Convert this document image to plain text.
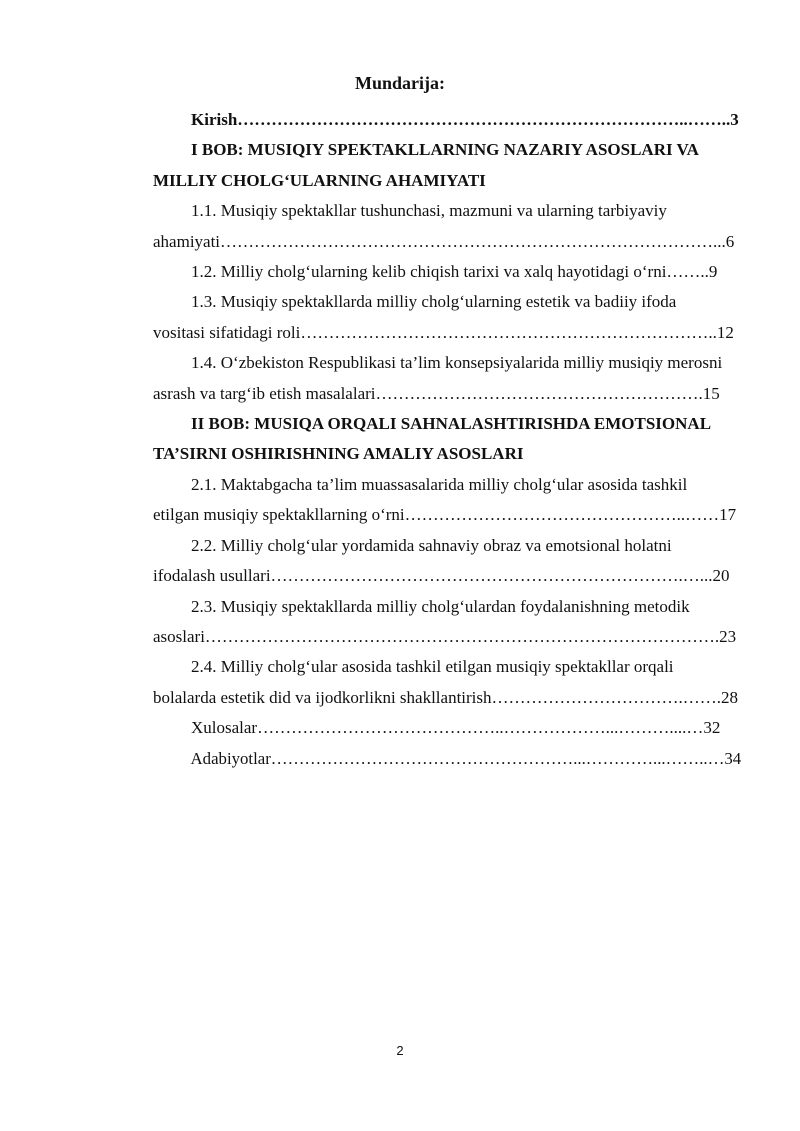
Mundarija:

Kirish……………………………………………………………………..……..3

I BOB: MUSIQIY SPEKTAKLLARNING NAZARIY ASOSLARI VA
MILLIY CHOLG‘ULARNING AHAMIYATI

1.1. Musiqiy spektakllar tushunchasi, mazmuni va ularning tarbiyaviy
ahamiyati……………………………………………………………………………...6

1.2. Milliy cholg‘ularning kelib chiqish tarixi va xalq hayotidagi o‘rni……..9

1.3. Musiqiy spektakllarda milliy cholg‘ularning estetik va badiiy ifoda
vositasi sifatidagi roli………………………………………………………………..12

1.4. O‘zbekiston Respublikasi ta’lim konsepsiyalarida milliy musiqiy merosni
asrash va targ‘ib etish masalalari………………………………………………….15

II BOB: MUSIQA ORQALI SAHNALASHTIRISHDA EMOTSIONAL
TA’SIRNI OSHIRISHNING AMALIY ASOSLARI

2.1. Maktabgacha ta’lim muassasalarida milliy cholg‘ular asosida tashkil
etilgan musiqiy spektakllarning o‘rni…………………………………………..……17

2.2. Milliy cholg‘ular yordamida sahnaviy obraz va emotsional holatni
ifodalash usullari……………………………………………………………….…...20

2.3. Musiqiy spektakllarda milliy cholg‘ulardan foydalanishning metodik
asoslari……………………………………………………………………………….23

2.4. Milliy cholg‘ular asosida tashkil etilgan musiqiy spektakllar orqali
bolalarda estetik did va ijodkorlikni shakllantirish…………………………….…….28

Xulosalar……………………………………..………………...………....…32

Adabiyotlar………………………………………………...…………...……..…34

2
